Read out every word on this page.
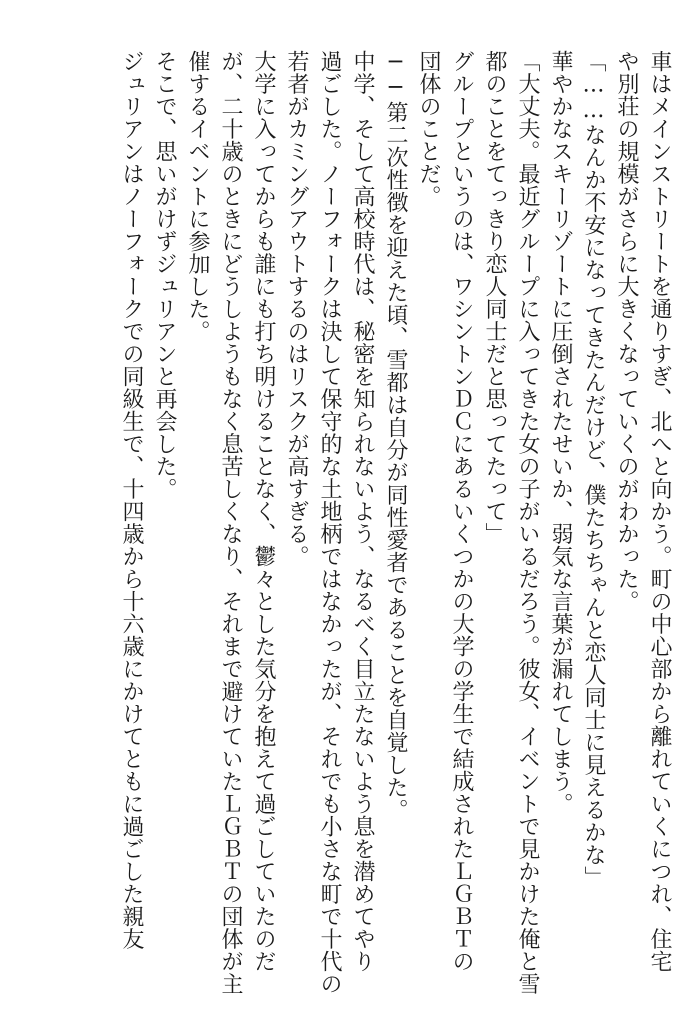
車はメインストリートを通りすぎ、北へと向かう。町の中心部から離れていくにつれ、住宅

や別荘の規模がさらに大きくなっていくのがわかった。

「……なんか不安になってきたんだけど、僕たちちゃんと恋人同士に見えるかな」

華やかなスキーリゾートに圧倒されたせいか、弱気な言葉が漏れてしまう。

「大丈夫。最近グループに入ってきた女の子がいるだろう。彼女、イベントで見かけた俺と雪

都のことをてっきり恋人同士だと思ってたって」

グループというのは、ワシントンＤＣにあるいくつかの大学の学生で結成されたＬＧＢＴの

団体のことだ。

──第二次性徴を迎えた頃、雪都は自分が同性愛者であることを自覚した。

中学、そして高校時代は、秘密を知られないよう、なるべく目立たないよう息を潜めてやり

過ごした。ノーフォークは決して保守的な土地柄ではなかったが、それでも小さな町で十代の

若者がカミングアウトするのはリスクが高すぎる。

大学に入ってからも誰にも打ち明けることなく、鬱々とした気分を抱えて過ごしていたのだ

が、二十歳のときにどうしようもなく息苦しくなり、それまで避けていたＬＧＢＴの団体が主

催するイベントに参加した。

そこで、思いがけずジュリアンと再会した。

ジュリアンはノーフォークでの同級生で、十四歳から十六歳にかけてともに過ごした親友
